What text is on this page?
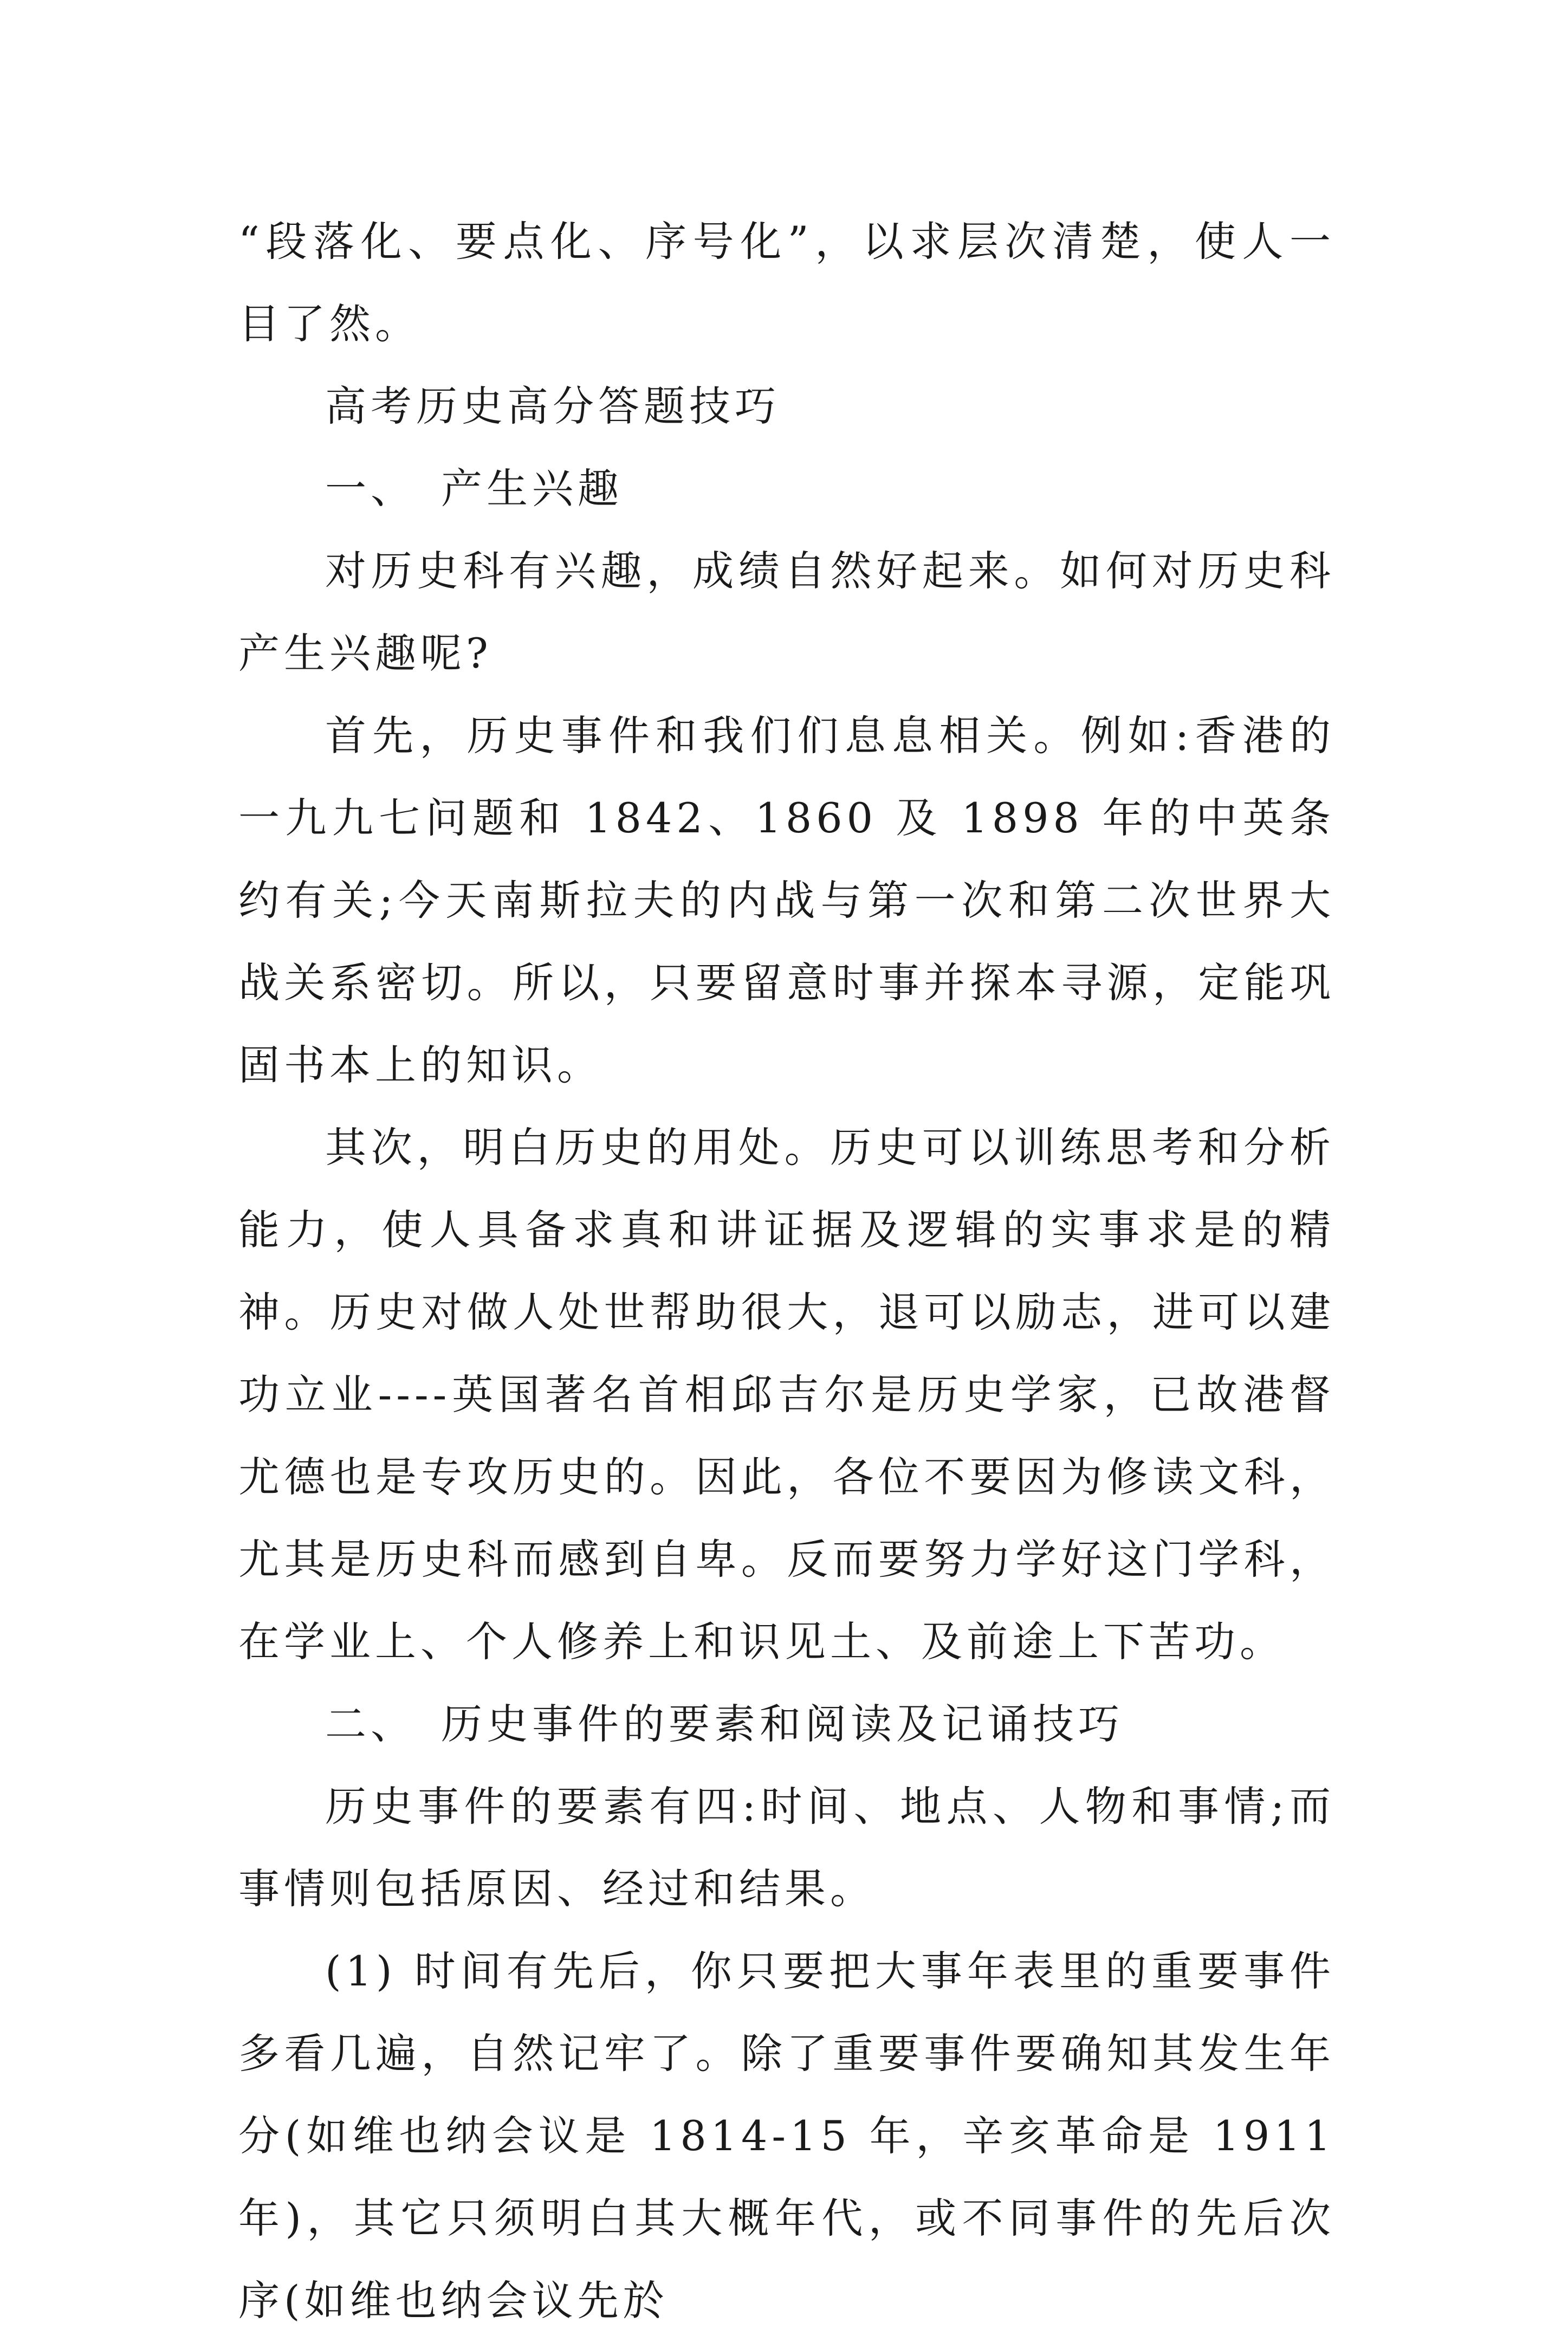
“段落化、要点化、序号化”，以求层次清楚，使人一目了然。

高考历史高分答题技巧

一、　产生兴趣

对历史科有兴趣，成绩自然好起来。如何对历史科产生兴趣呢?

首先，历史事件和我们们息息相关。例如:香港的一九九七问题和 1842、1860 及 1898 年的中英条约有关;今天南斯拉夫的内战与第一次和第二次世界大战关系密切。所以，只要留意时事并探本寻源，定能巩固书本上的知识。

其次，明白历史的用处。历史可以训练思考和分析能力，使人具备求真和讲证据及逻辑的实事求是的精神。历史对做人处世帮助很大，退可以励志，进可以建功立业----英国著名首相邱吉尔是历史学家，已故港督尤德也是专攻历史的。因此，各位不要因为修读文科，尤其是历史科而感到自卑。反而要努力学好这门学科，在学业上、个人修养上和识见土、及前途上下苦功。

二、　历史事件的要素和阅读及记诵技巧

历史事件的要素有四:时间、地点、人物和事情;而事情则包括原因、经过和结果。

(1) 时间有先后，你只要把大事年表里的重要事件多看几遍，自然记牢了。除了重要事件要确知其发生年分(如维也纳会议是 1814-15 年，辛亥革命是 1911 年)，其它只须明白其大概年代，或不同事件的先后次序(如维也纳会议先於
